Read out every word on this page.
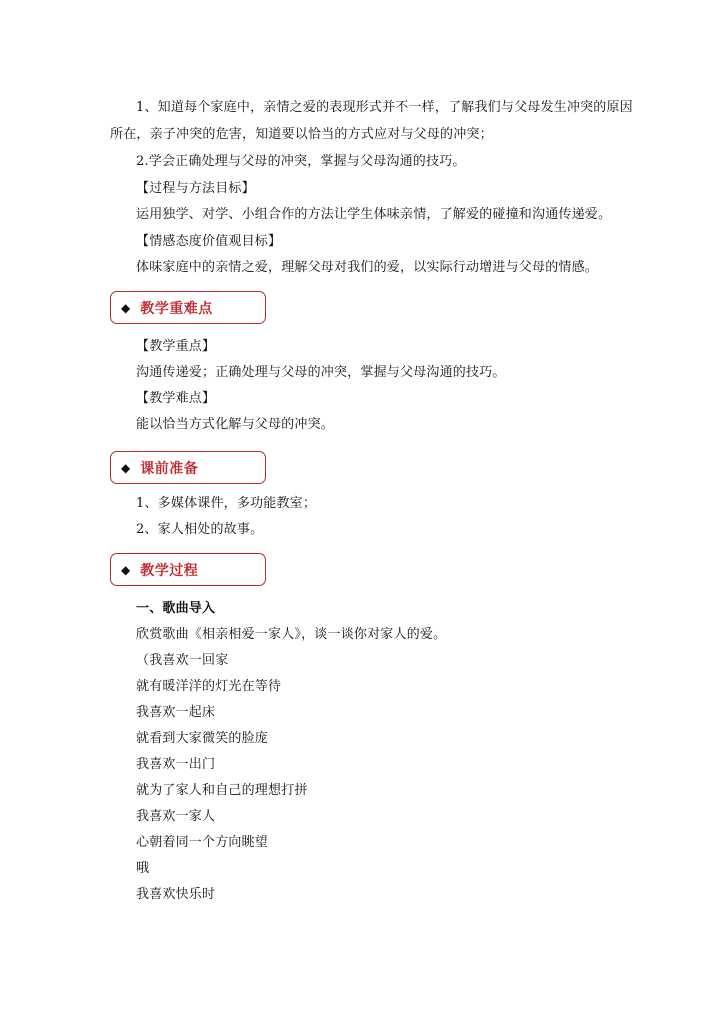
1、知道每个家庭中，亲情之爱的表现形式并不一样，了解我们与父母发生冲突的原因
所在，亲子冲突的危害，知道要以恰当的方式应对与父母的冲突；
2.学会正确处理与父母的冲突，掌握与父母沟通的技巧。
【过程与方法目标】
运用独学、对学、小组合作的方法让学生体味亲情，了解爱的碰撞和沟通传递爱。
【情感态度价值观目标】
体味家庭中的亲情之爱，理解父母对我们的爱，以实际行动增进与父母的情感。
◆ 教学重难点
【教学重点】
沟通传递爱；正确处理与父母的冲突，掌握与父母沟通的技巧。
【教学难点】
能以恰当方式化解与父母的冲突。
◆ 课前准备
1、多媒体课件，多功能教室；
2、家人相处的故事。
◆ 教学过程
一、歌曲导入
欣赏歌曲《相亲相爱一家人》，谈一谈你对家人的爱。
（我喜欢一回家
就有暖洋洋的灯光在等待
我喜欢一起床
就看到大家微笑的脸庞
我喜欢一出门
就为了家人和自己的理想打拼
我喜欢一家人
心朝着同一个方向眺望
哦
我喜欢快乐时
